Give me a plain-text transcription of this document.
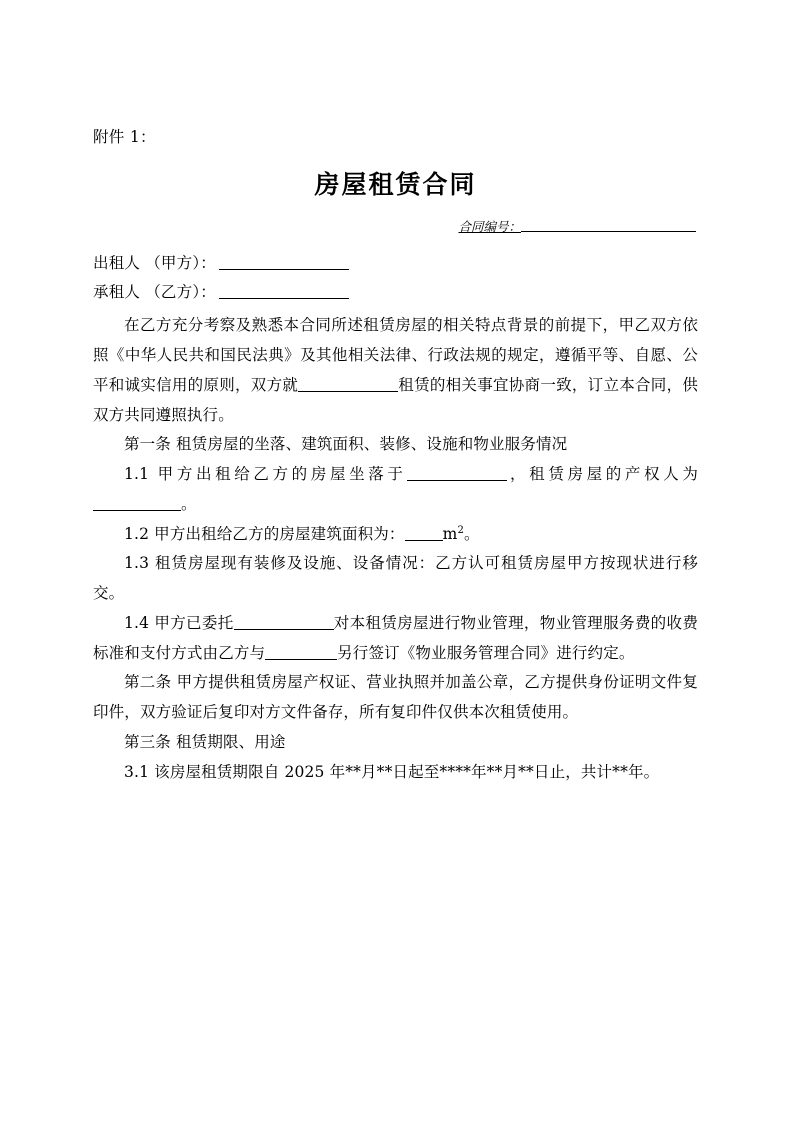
附件 1：
房屋租赁合同
合同编号：
出租人 （甲方）：
承租人 （乙方）：

在乙方充分考察及熟悉本合同所述租赁房屋的相关特点背景的前提下，甲乙双方依照《中华人民共和国民法典》及其他相关法律、行政法规的规定，遵循平等、自愿、公平和诚实信用的原则，双方就	租赁的相关事宜协商一致，订立本合同，供双方共同遵照执行。

第一条 租赁房屋的坐落、建筑面积、装修、设施和物业服务情况

1.1 甲方出租给乙方的房屋坐落于	，租赁房屋的产权人为。

1.2 甲方出租给乙方的房屋建筑面积为： $m^2$。

1.3 租赁房屋现有装修及设施、设备情况：乙方认可租赁房屋甲方按现状进行移交。

1.4 甲方已委托	对本租赁房屋进行物业管理，物业管理服务费的收费标准和支付方式由乙方与	另行签订《物业服务管理合同》进行约定。

第二条 甲方提供租赁房屋产权证、营业执照并加盖公章，乙方提供身份证明文件复印件，双方验证后复印对方文件备存，所有复印件仅供本次租赁使用。

第三条 租赁期限、用途

3.1 该房屋租赁期限自 2025 年**月**日起至****年**月**日止，共计**年。
